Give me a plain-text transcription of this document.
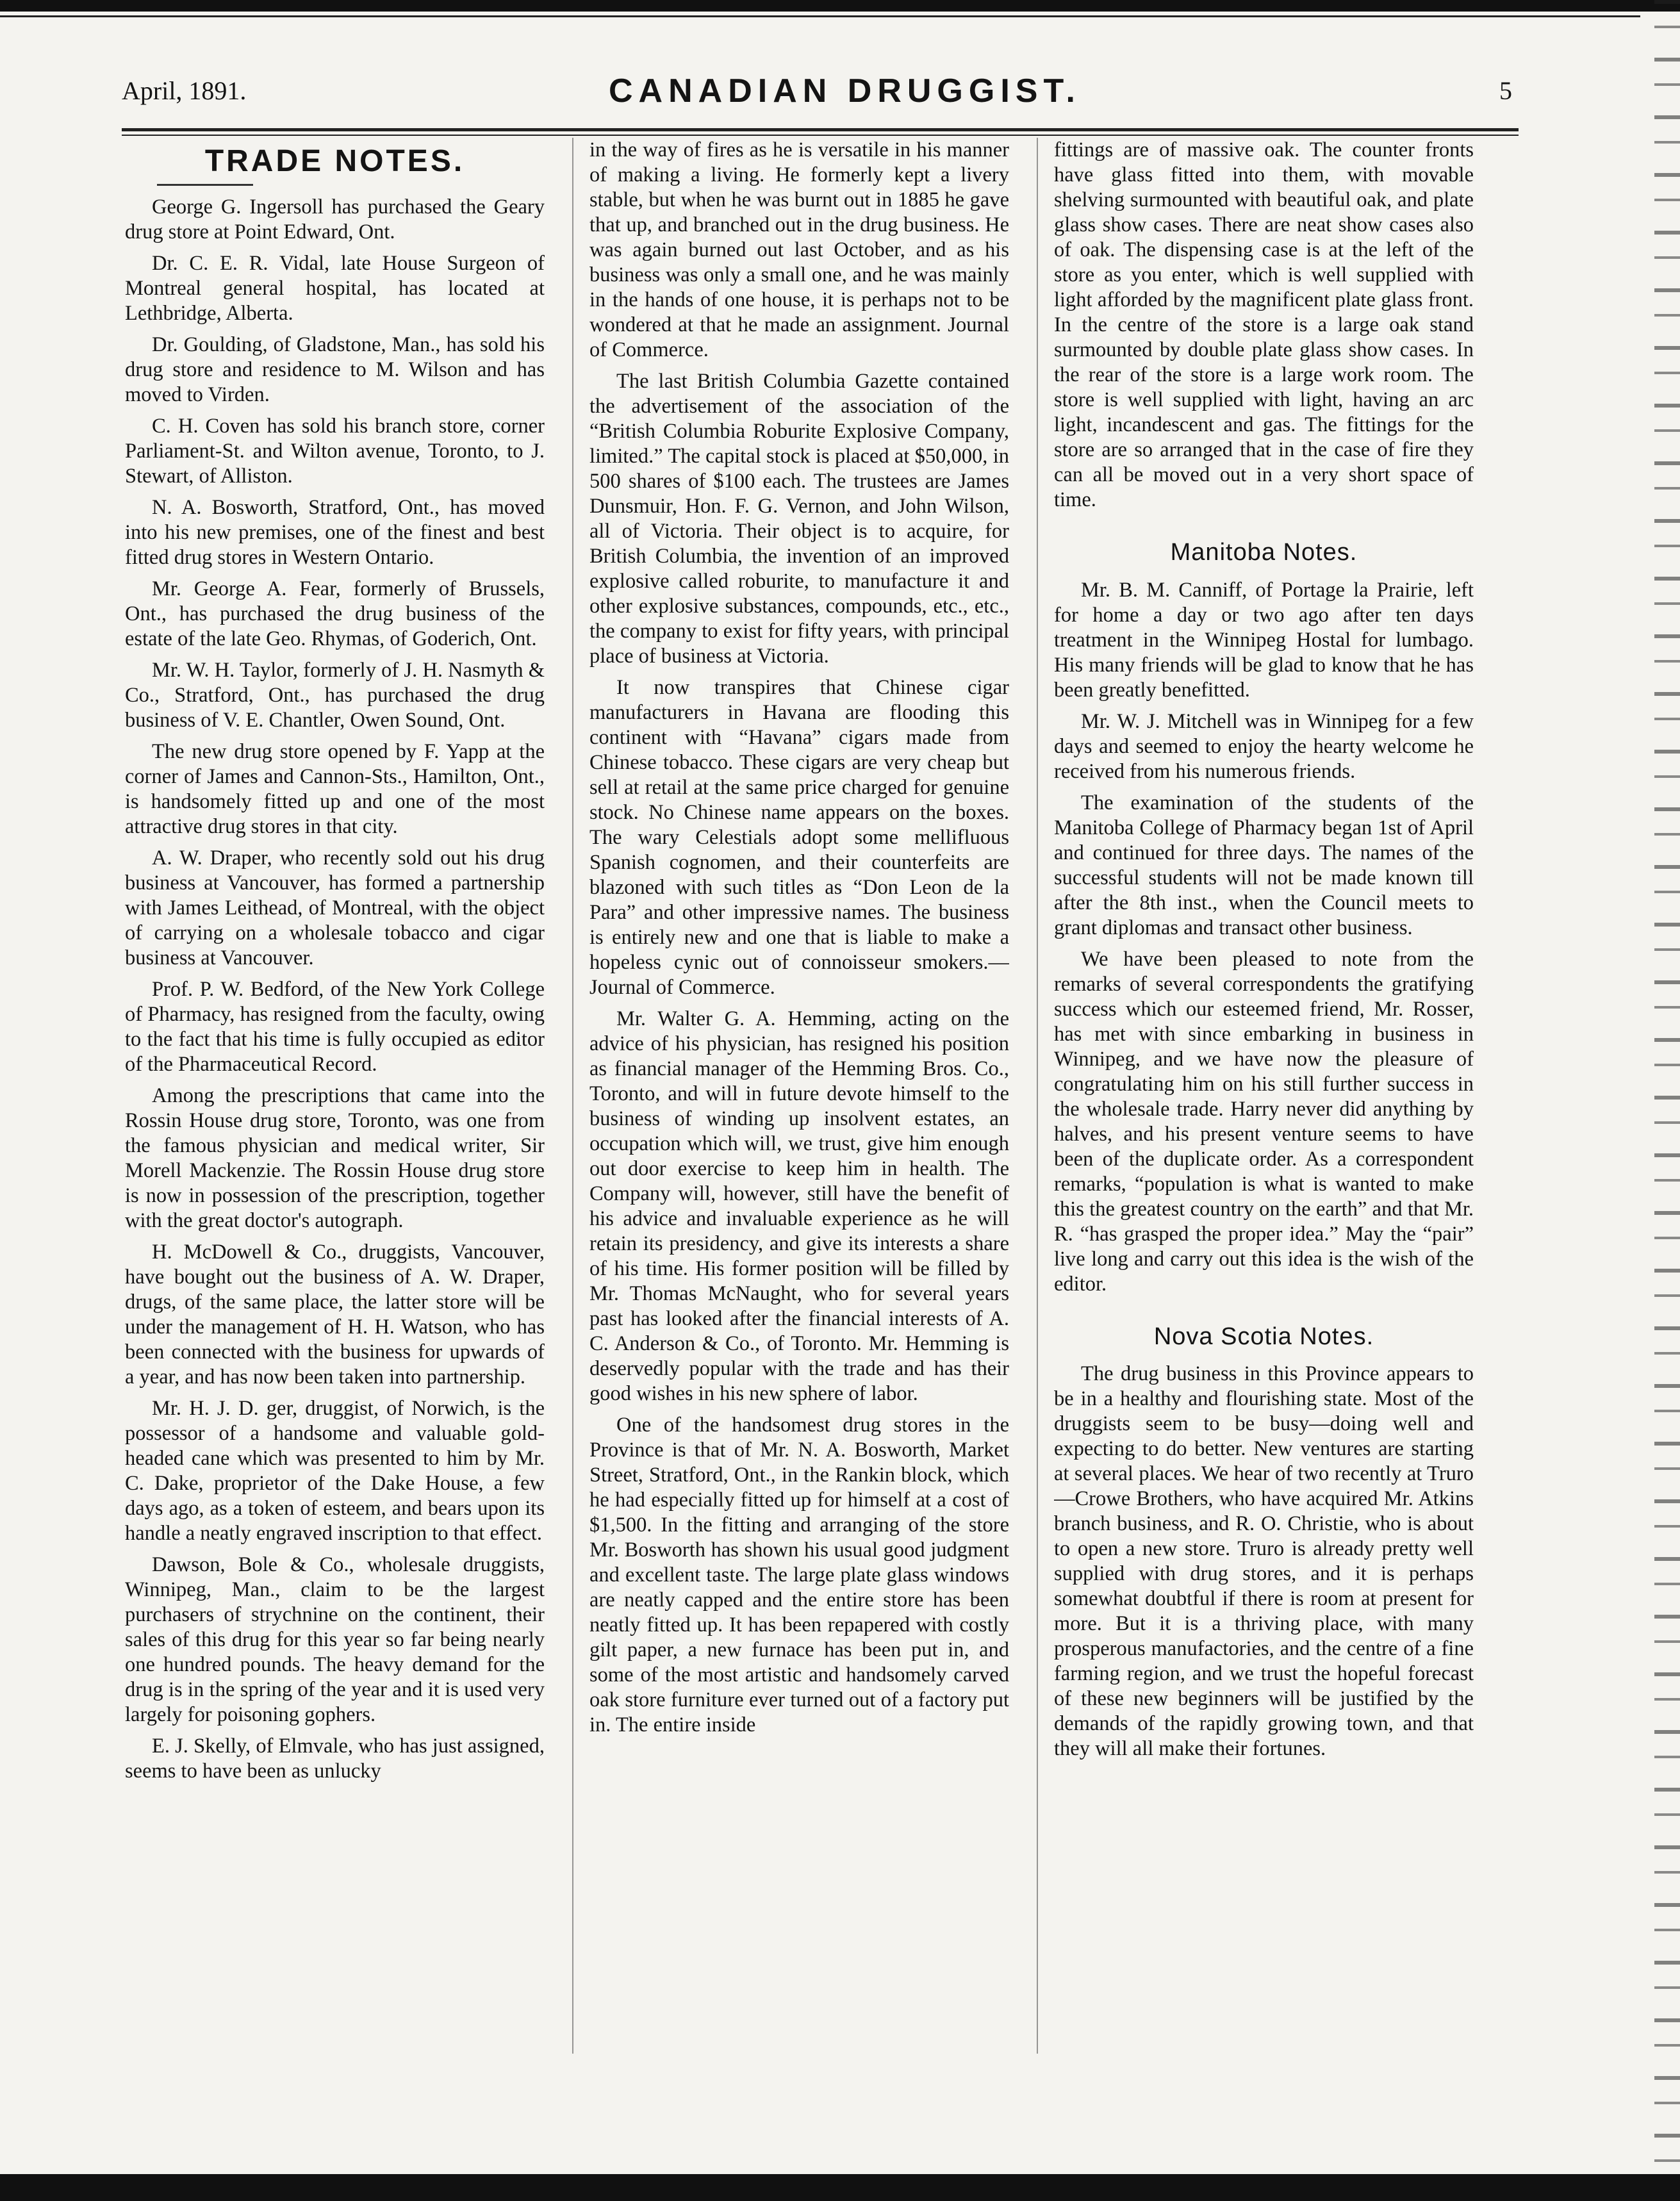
April, 1891.	CANADIAN DRUGGIST.	5
TRADE NOTES.

George G. Ingersoll has purchased the Geary drug store at Point Edward, Ont.

Dr. C. E. R. Vidal, late House Surgeon of Montreal general hospital, has located at Lethbridge, Alberta.

Dr. Goulding, of Gladstone, Man., has sold his drug store and residence to M. Wilson and has moved to Virden.

C. H. Coven has sold his branch store, corner Parliament-St. and Wilton avenue, Toronto, to J. Stewart, of Alliston.

N. A. Bosworth, Stratford, Ont., has moved into his new premises, one of the finest and best fitted drug stores in Western Ontario.

Mr. George A. Fear, formerly of Brussels, Ont., has purchased the drug business of the estate of the late Geo. Rhymas, of Goderich, Ont.

Mr. W. H. Taylor, formerly of J. H. Nasmyth & Co., Stratford, Ont., has purchased the drug business of V. E. Chantler, Owen Sound, Ont.

The new drug store opened by F. Yapp at the corner of James and Cannon-Sts., Hamilton, Ont., is handsomely fitted up and one of the most attractive drug stores in that city.

A. W. Draper, who recently sold out his drug business at Vancouver, has formed a partnership with James Leithead, of Montreal, with the object of carrying on a wholesale tobacco and cigar business at Vancouver.

Prof. P. W. Bedford, of the New York College of Pharmacy, has resigned from the faculty, owing to the fact that his time is fully occupied as editor of the Pharmaceutical Record.

Among the prescriptions that came into the Rossin House drug store, Toronto, was one from the famous physician and medical writer, Sir Morell Mackenzie. The Rossin House drug store is now in possession of the prescription, together with the great doctor's autograph.

H. McDowell & Co., druggists, Vancouver, have bought out the business of A. W. Draper, drugs, of the same place, the latter store will be under the management of H. H. Watson, who has been connected with the business for upwards of a year, and has now been taken into partnership.

Mr. H. J. D. ger, druggist, of Norwich, is the possessor of a handsome and valuable gold-headed cane which was presented to him by Mr. C. Dake, proprietor of the Dake House, a few days ago, as a token of esteem, and bears upon its handle a neatly engraved inscription to that effect.

Dawson, Bole & Co., wholesale druggists, Winnipeg, Man., claim to be the largest purchasers of strychnine on the continent, their sales of this drug for this year so far being nearly one hundred pounds. The heavy demand for the drug is in the spring of the year and it is used very largely for poisoning gophers.

E. J. Skelly, of Elmvale, who has just assigned, seems to have been as unlucky

in the way of fires as he is versatile in his manner of making a living. He formerly kept a livery stable, but when he was burnt out in 1885 he gave that up, and branched out in the drug business. He was again burned out last October, and as his business was only a small one, and he was mainly in the hands of one house, it is perhaps not to be wondered at that he made an assignment. Journal of Commerce.

The last British Columbia Gazette contained the advertisement of the association of the “British Columbia Roburite Explosive Company, limited.” The capital stock is placed at $50,000, in 500 shares of $100 each. The trustees are James Dunsmuir, Hon. F. G. Vernon, and John Wilson, all of Victoria. Their object is to acquire, for British Columbia, the invention of an improved explosive called roburite, to manufacture it and other explosive substances, compounds, etc., etc., the company to exist for fifty years, with principal place of business at Victoria.

It now transpires that Chinese cigar manufacturers in Havana are flooding this continent with “Havana” cigars made from Chinese tobacco. These cigars are very cheap but sell at retail at the same price charged for genuine stock. No Chinese name appears on the boxes. The wary Celestials adopt some mellifluous Spanish cognomen, and their counterfeits are blazoned with such titles as “Don Leon de la Para” and other impressive names. The business is entirely new and one that is liable to make a hopeless cynic out of connoisseur smokers.—Journal of Commerce.

Mr. Walter G. A. Hemming, acting on the advice of his physician, has resigned his position as financial manager of the Hemming Bros. Co., Toronto, and will in future devote himself to the business of winding up insolvent estates, an occupation which will, we trust, give him enough out door exercise to keep him in health. The Company will, however, still have the benefit of his advice and invaluable experience as he will retain its presidency, and give its interests a share of his time. His former position will be filled by Mr. Thomas McNaught, who for several years past has looked after the financial interests of A. C. Anderson & Co., of Toronto. Mr. Hemming is deservedly popular with the trade and has their good wishes in his new sphere of labor.

One of the handsomest drug stores in the Province is that of Mr. N. A. Bosworth, Market Street, Stratford, Ont., in the Rankin block, which he had especially fitted up for himself at a cost of $1,500. In the fitting and arranging of the store Mr. Bosworth has shown his usual good judgment and excellent taste. The large plate glass windows are neatly capped and the entire store has been neatly fitted up. It has been repapered with costly gilt paper, a new furnace has been put in, and some of the most artistic and handsomely carved oak store furniture ever turned out of a factory put in. The entire inside

fittings are of massive oak. The counter fronts have glass fitted into them, with movable shelving surmounted with beautiful oak, and plate glass show cases. There are neat show cases also of oak. The dispensing case is at the left of the store as you enter, which is well supplied with light afforded by the magnificent plate glass front. In the centre of the store is a large oak stand surmounted by double plate glass show cases. In the rear of the store is a large work room. The store is well supplied with light, having an arc light, incandescent and gas. The fittings for the store are so arranged that in the case of fire they can all be moved out in a very short space of time.

Manitoba Notes.

Mr. B. M. Canniff, of Portage la Prairie, left for home a day or two ago after ten days treatment in the Winnipeg Hostal for lumbago. His many friends will be glad to know that he has been greatly benefitted.

Mr. W. J. Mitchell was in Winnipeg for a few days and seemed to enjoy the hearty welcome he received from his numerous friends.

The examination of the students of the Manitoba College of Pharmacy began 1st of April and continued for three days. The names of the successful students will not be made known till after the 8th inst., when the Council meets to grant diplomas and transact other business.

We have been pleased to note from the remarks of several correspondents the gratifying success which our esteemed friend, Mr. Rosser, has met with since embarking in business in Winnipeg, and we have now the pleasure of congratulating him on his still further success in the wholesale trade. Harry never did anything by halves, and his present venture seems to have been of the duplicate order. As a correspondent remarks, “population is what is wanted to make this the greatest country on the earth” and that Mr. R. “has grasped the proper idea.” May the “pair” live long and carry out this idea is the wish of the editor.

Nova Scotia Notes.

The drug business in this Province appears to be in a healthy and flourishing state. Most of the druggists seem to be busy—doing well and expecting to do better. New ventures are starting at several places. We hear of two recently at Truro—Crowe Brothers, who have acquired Mr. Atkins branch business, and R. O. Christie, who is about to open a new store. Truro is already pretty well supplied with drug stores, and it is perhaps somewhat doubtful if there is room at present for more. But it is a thriving place, with many prosperous manufactories, and the centre of a fine farming region, and we trust the hopeful forecast of these new beginners will be justified by the demands of the rapidly growing town, and that they will all make their fortunes.
